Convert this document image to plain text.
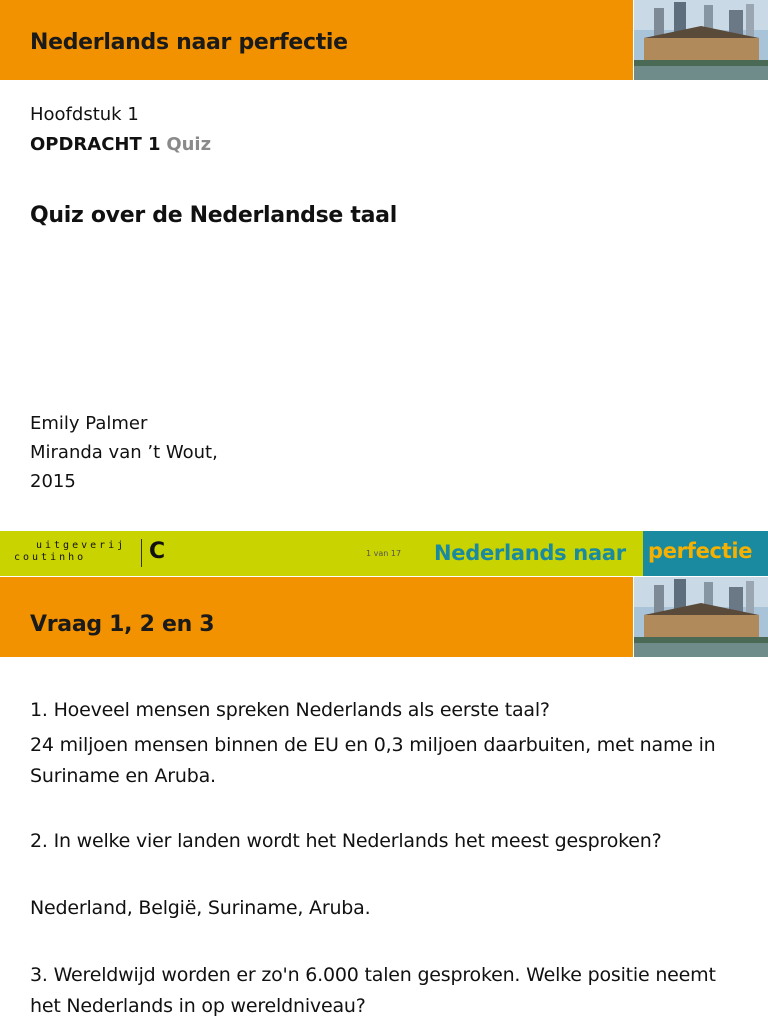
Nederlands naar perfectie
Hoofdstuk 1
OPDRACHT 1 Quiz
Quiz over de Nederlandse taal
Emily Palmer
Miranda van ’t Wout,
2015
uitgeverij
coutinho	C	1 van 17 Nederlands naar perfectie
Vraag 1, 2 en 3
1. Hoeveel mensen spreken Nederlands als eerste taal?
24 miljoen mensen binnen de EU en 0,3 miljoen daarbuiten, met name in Suriname en Aruba.
2. In welke vier landen wordt het Nederlands het meest gesproken?
Nederland, België, Suriname, Aruba.
3. Wereldwijd worden er zo'n 6.000 talen gesproken. Welke positie neemt het Nederlands in op wereldniveau?
